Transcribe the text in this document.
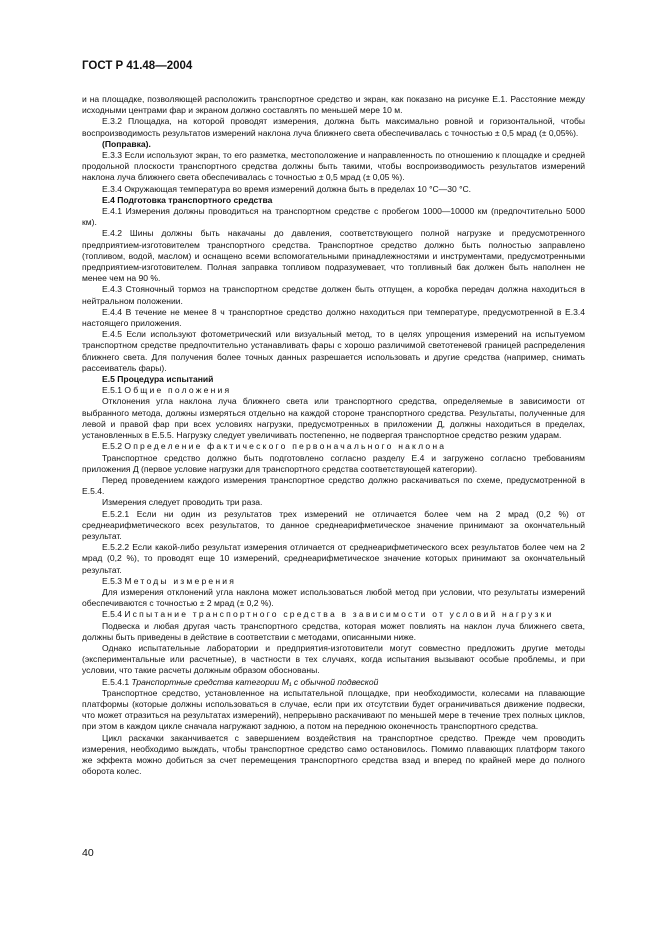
ГОСТ Р 41.48—2004

и на площадке, позволяющей расположить транспортное средство и экран, как показано на рисунке Е.1. Расстояние между исходными центрами фар и экраном должно составлять по меньшей мере 10 м.

Е.3.2 Площадка, на которой проводят измерения, должна быть максимально ровной и горизонтальной, чтобы воспроизводимость результатов измерений наклона луча ближнего света обеспечивалась с точностью ± 0,5 мрад (± 0,05%).

(Поправка).

Е.3.3 Если используют экран, то его разметка, местоположение и направленность по отношению к площадке и средней продольной плоскости транспортного средства должны быть такими, чтобы воспроизводимость результатов измерений наклона луча ближнего света обеспечивалась с точностью ± 0,5 мрад (± 0,05 %).

Е.3.4 Окружающая температура во время измерений должна быть в пределах 10 °С—30 °С.

Е.4 Подготовка транспортного средства

Е.4.1 Измерения должны проводиться на транспортном средстве с пробегом 1000—10000 км (предпочтительно 5000 км).

Е.4.2 Шины должны быть накачаны до давления, соответствующего полной нагрузке и предусмотренного предприятием-изготовителем транспортного средства. Транспортное средство должно быть полностью заправлено (топливом, водой, маслом) и оснащено всеми вспомогательными принадлежностями и инструментами, предусмотренными предприятием-изготовителем. Полная заправка топливом подразумевает, что топливный бак должен быть наполнен не менее чем на 90 %.

Е.4.3 Стояночный тормоз на транспортном средстве должен быть отпущен, а коробка передач должна находиться в нейтральном положении.

Е.4.4 В течение не менее 8 ч транспортное средство должно находиться при температуре, предусмотренной в Е.3.4 настоящего приложения.

Е.4.5 Если используют фотометрический или визуальный метод, то в целях упрощения измерений на испытуемом транспортном средстве предпочтительно устанавливать фары с хорошо различимой светотеневой границей распределения ближнего света. Для получения более точных данных разрешается использовать и другие средства (например, снимать рассеиватель фары).

Е.5 Процедура испытаний

Е.5.1 Общие положения

Отклонения угла наклона луча ближнего света или транспортного средства, определяемые в зависимости от выбранного метода, должны измеряться отдельно на каждой стороне транспортного средства. Результаты, полученные для левой и правой фар при всех условиях нагрузки, предусмотренных в приложении Д, должны находиться в пределах, установленных в Е.5.5. Нагрузку следует увеличивать постепенно, не подвергая транспортное средство резким ударам.

Е.5.2 Определение фактического первоначального наклона

Транспортное средство должно быть подготовлено согласно разделу Е.4 и загружено согласно требованиям приложения Д (первое условие нагрузки для транспортного средства соответствующей категории).

Перед проведением каждого измерения транспортное средство должно раскачиваться по схеме, предусмотренной в Е.5.4.

Измерения следует проводить три раза.

Е.5.2.1 Если ни один из результатов трех измерений не отличается более чем на 2 мрад (0,2 %) от среднеарифметического всех результатов, то данное среднеарифметическое значение принимают за окончательный результат.

Е.5.2.2 Если какой-либо результат измерения отличается от среднеарифметического всех результатов более чем на 2 мрад (0,2 %), то проводят еще 10 измерений, среднеарифметическое значение которых принимают за окончательный результат.

Е.5.3 Методы измерения

Для измерения отклонений угла наклона может использоваться любой метод при условии, что результаты измерений обеспечиваются с точностью ± 2 мрад (± 0,2 %).

Е.5.4 Испытание транспортного средства в зависимости от условий нагрузки

Подвеска и любая другая часть транспортного средства, которая может повлиять на наклон луча ближнего света, должны быть приведены в действие в соответствии с методами, описанными ниже.

Однако испытательные лаборатории и предприятия-изготовители могут совместно предложить другие методы (экспериментальные или расчетные), в частности в тех случаях, когда испытания вызывают особые проблемы, и при условии, что такие расчеты должным образом обоснованы.

Е.5.4.1 Транспортные средства категории М₁ с обычной подвеской

Транспортное средство, установленное на испытательной площадке, при необходимости, колесами на плавающие платформы (которые должны использоваться в случае, если при их отсутствии будет ограничиваться движение подвески, что может отразиться на результатах измерений), непрерывно раскачивают по меньшей мере в течение трех полных циклов, при этом в каждом цикле сначала нагружают заднюю, а потом на переднюю оконечность транспортного средства.

Цикл раскачки заканчивается с завершением воздействия на транспортное средство. Прежде чем проводить измерения, необходимо выждать, чтобы транспортное средство само остановилось. Помимо плавающих платформ такого же эффекта можно добиться за счет перемещения транспортного средства взад и вперед по крайней мере до полного оборота колес.

40
